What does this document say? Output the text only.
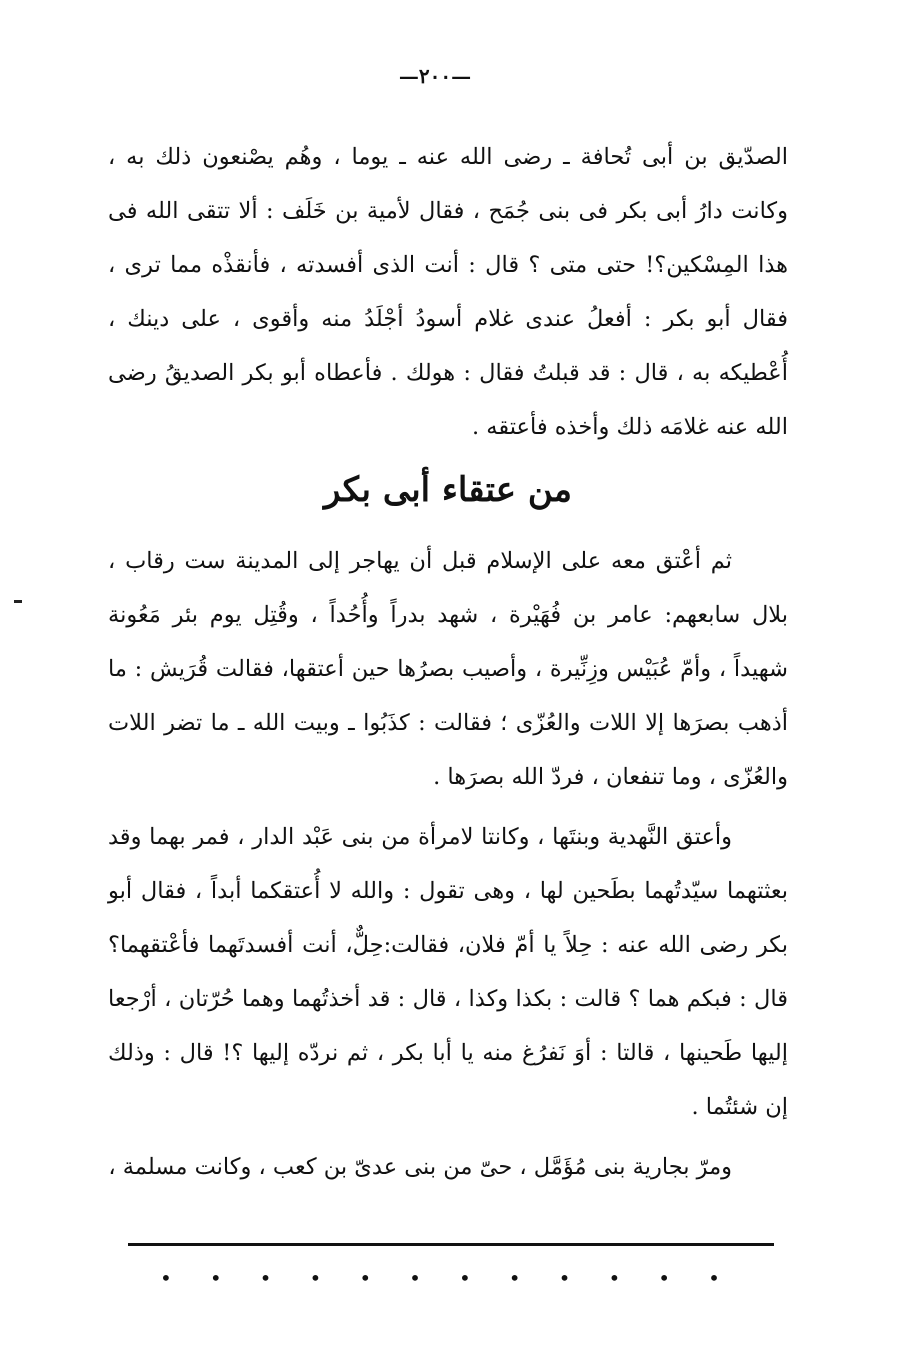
—٢٠٠—

الصدّيق بن أبى تُحافة ـ رضى الله عنه ـ يوما ، وهُم يصْنعون ذلك به ، وكانت دارُ أبى بكر فى بنى جُمَح ، فقال لأمية بن خَلَف : ألا تتقى الله فى هذا المِسْكين؟! حتى متى ؟ قال : أنت الذى أفسدته ، فأنقذْه مما ترى ، فقال أبو بكر : أفعلُ عندى غلام أسودُ أجْلَدُ منه وأقوى ، على دينك ، أُعْطيكه به ، قال : قد قبلتُ فقال : هولك . فأعطاه أبو بكر الصديقُ رضى الله عنه غلامَه ذلك وأخذه فأعتقه .

من عتقاء أبى بكر

ثم أعْتق معه على الإسلام قبل أن يهاجر إلى المدينة ست رقاب ، بلال سابعهم: عامر بن فُهَيْرة ، شهد بدراً وأُحُداً ، وقُتِل يوم بئر مَعُونة شهيداً ، وأمّ عُبَيْس وزِنِّيرة ، وأصيب بصرُها حين أعتقها، فقالت قُرَيش : ما أذهب بصرَها إلا اللات والعُزّى ؛ فقالت : كذَبُوا ـ وبيت الله ـ ما تضر اللات والعُزّى ، وما تنفعان ، فردّ الله بصرَها .

وأعتق النَّهدية وبنتَها ، وكانتا لامرأة من بنى عَبْد الدار ، فمر بهما وقد بعثتهما سيّدتُهما بطَحين لها ، وهى تقول : والله لا أُعتقكما أبداً ، فقال أبو بكر رضى الله عنه : حِلاً يا أمّ فلان، فقالت:حِلٌّ، أنت أفسدتَهما فأعْتقهما؟ قال : فبكم هما ؟ قالت : بكذا وكذا ، قال : قد أخذتُهما وهما حُرّتان ، أرْجعا إليها طَحينها ، قالتا : أوَ نَفرُغ منه يا أبا بكر ، ثم نردّه إليها ؟! قال : وذلك إن شئتُما .

ومرّ بجارية بنى مُؤَمَّل ، حىّ من بنى عدىّ بن كعب ، وكانت مسلمة ،

• • • • • • • • • • • •
